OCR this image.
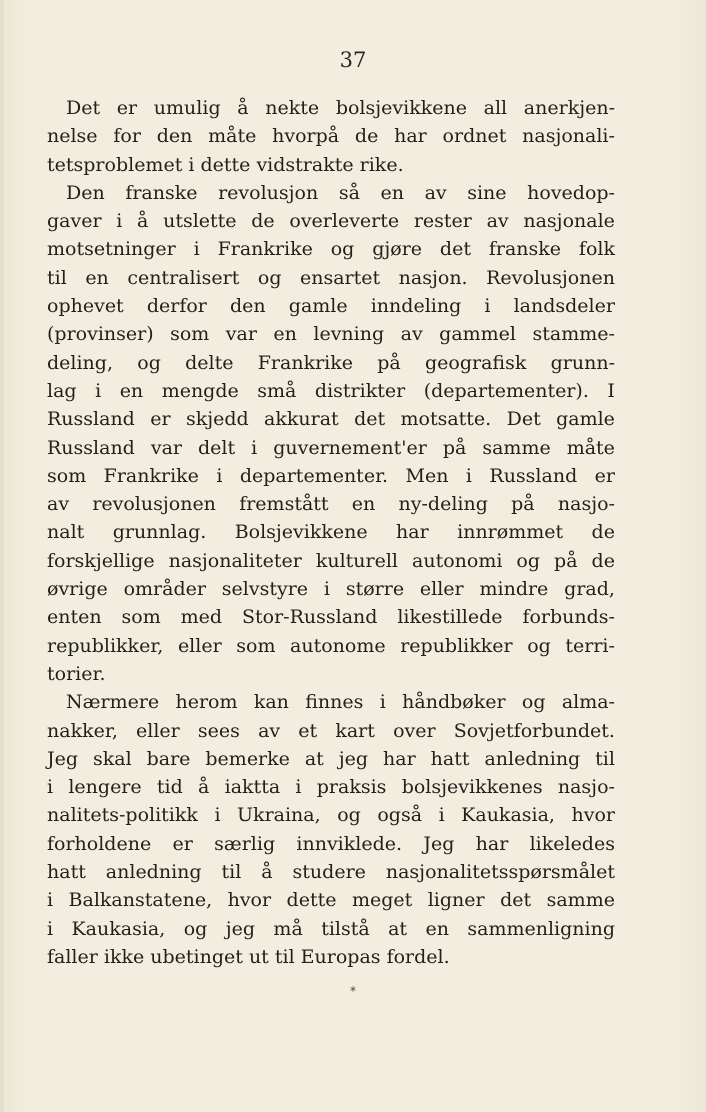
37
Det er umulig å nekte bolsjevikkene all anerkjen-
nelse for den måte hvorpå de har ordnet nasjonali-
tetsproblemet i dette vidstrakte rike.
Den franske revolusjon så en av sine hovedop-
gaver i å utslette de overleverte rester av nasjonale
motsetninger i Frankrike og gjøre det franske folk
til en centralisert og ensartet nasjon. Revolusjonen
ophevet derfor den gamle inndeling i landsdeler
(provinser) som var en levning av gammel stamme-
deling, og delte Frankrike på geografisk grunn-
lag i en mengde små distrikter (departementer). I
Russland er skjedd akkurat det motsatte. Det gamle
Russland var delt i guvernement'er på samme måte
som Frankrike i departementer. Men i Russland er
av revolusjonen fremstått en ny-deling på nasjo-
nalt grunnlag. Bolsjevikkene har innrømmet de
forskjellige nasjonaliteter kulturell autonomi og på de
øvrige områder selvstyre i større eller mindre grad,
enten som med Stor-Russland likestillede forbunds-
republikker, eller som autonome republikker og terri-
torier.
Nærmere herom kan finnes i håndbøker og alma-
nakker, eller sees av et kart over Sovjetforbundet.
Jeg skal bare bemerke at jeg har hatt anledning til
i lengere tid å iaktta i praksis bolsjevikkenes nasjo-
nalitets-politikk i Ukraina, og også i Kaukasia, hvor
forholdene er særlig innviklede. Jeg har likeledes
hatt anledning til å studere nasjonalitetsspørsmålet
i Balkanstatene, hvor dette meget ligner det samme
i Kaukasia, og jeg må tilstå at en sammenligning
faller ikke ubetinget ut til Europas fordel.
*
